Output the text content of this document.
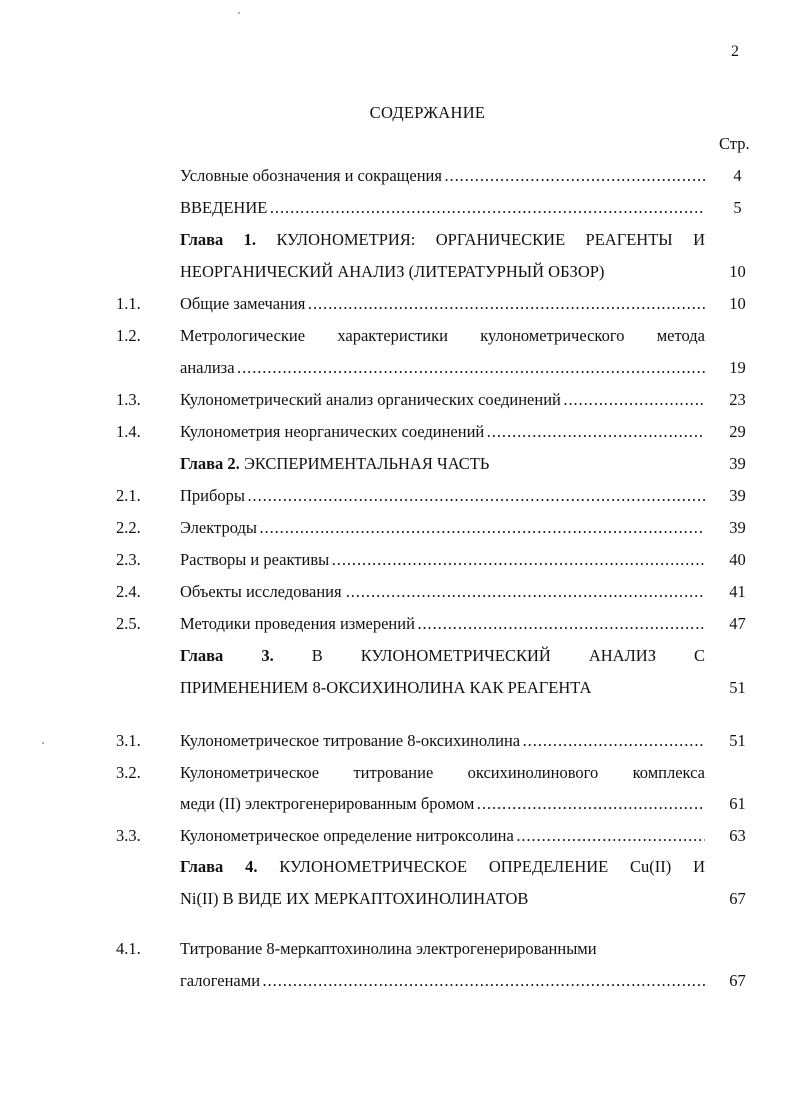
2
СОДЕРЖАНИЕ
Стр.
Условные обозначения и сокращения . . .	4
ВВЕДЕНИЕ . . .	5
Глава 1. КУЛОНОМЕТРИЯ: ОРГАНИЧЕСКИЕ РЕАГЕНТЫ И
НЕОРГАНИЧЕСКИЙ АНАЛИЗ (ЛИТЕРАТУРНЫЙ ОБЗОР)	10
1.1. Общие замечания . . .	10
1.2. Метрологические характеристики кулонометрического метода
анализа . . .	19
1.3. Кулонометрический анализ органических соединений . . .	23
1.4. Кулонометрия неорганических соединений . . .	29
Глава 2. ЭКСПЕРИМЕНТАЛЬНАЯ ЧАСТЬ	39
2.1. Приборы . . .	39
2.2. Электроды . . .	39
2.3. Растворы и реактивы . . .	40
2.4. Объекты исследования . . .	41
2.5. Методики проведения измерений . . .	47
Глава 3. В КУЛОНОМЕТРИЧЕСКИЙ АНАЛИЗ С
ПРИМЕНЕНИЕМ 8-ОКСИХИНОЛИНА КАК РЕАГЕНТА	51
3.1. Кулонометрическое титрование 8-оксихинолина . . .	51
3.2. Кулонометрическое титрование оксихинолинового комплекса
меди (II) электрогенерированным бромом . . .	61
3.3. Кулонометрическое определение нитроксолина . . .	63
Глава 4. КУЛОНОМЕТРИЧЕСКОЕ ОПРЕДЕЛЕНИЕ Cu(II) И
Ni(II) В ВИДЕ ИХ МЕРКАПТОХИНОЛИНАТОВ	67
4.1. Титрование 8-меркаптохинолина электрогенерированными
галогенами . . .	67
